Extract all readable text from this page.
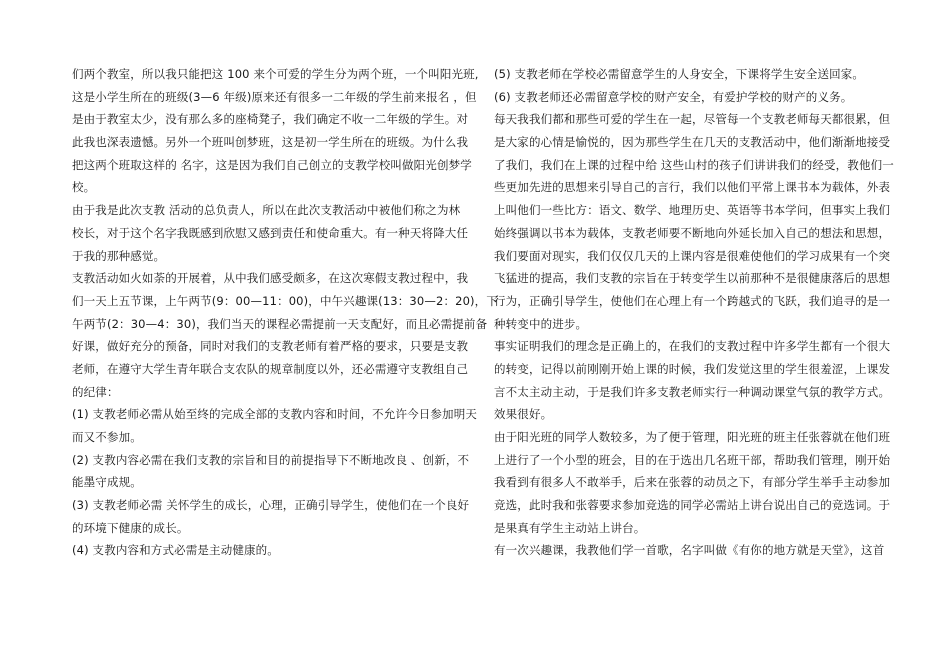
们两个教室，所以我只能把这 100 来个可爱的学生分为两个班，一个叫阳光班,
这是小学生所在的班级(3—6 年级)原来还有很多一二年级的学生前来报名 ，但
是由于教室太少，没有那么多的座椅凳子，我们确定不收一二年级的学生。对
此我也深表遗憾。另外一个班叫创梦班，这是初一学生所在的班级。为什么我
把这两个班取这样的 名字，这是因为我们自己创立的支教学校叫做阳光创梦学
校。
由于我是此次支教 活动的总负责人，所以在此次支教活动中被他们称之为林
校长，对于这个名字我既感到欣慰又感到责任和使命重大。有一种天将降大任
于我的那种感觉。
支教活动如火如荼的开展着，从中我们感受颇多，在这次寒假支教过程中，我
们一天上五节课，上午两节(9：00—11：00)，中午兴趣课(13：30—2：20)，下
午两节(2：30—4：30)，我们当天的课程必需提前一天支配好，而且必需提前备
好课，做好充分的预备，同时对我们的支教老师有着严格的要求，只要是支教
老师，在遵守大学生青年联合支农队的规章制度以外，还必需遵守支教组自己
的纪律：
(1) 支教老师必需从始至终的完成全部的支教内容和时间，不允许今日参加明天
而又不参加。
(2) 支教内容必需在我们支教的宗旨和目的前提指导下不断地改良 、创新，不
能墨守成规。
(3) 支教老师必需 关怀学生的成长，心理，正确引导学生，使他们在一个良好
的环境下健康的成长。
(4) 支教内容和方式必需是主动健康的。
(5) 支教老师在学校必需留意学生的人身安全，下课将学生安全送回家。
(6) 支教老师还必需留意学校的财产安全，有爱护学校的财产的义务。
每天我我们都和那些可爱的学生在一起，尽管每一个支教老师每天都很累，但
是大家的心情是愉悦的，因为那些学生在几天的支教活动中，他们渐渐地接受
了我们，我们在上课的过程中给 这些山村的孩子们讲讲我们的经受，教他们一
些更加先进的思想来引导自己的言行，我们以他们平常上课书本为载体，外表
上叫他们一些比方：语文、数学、地理历史、英语等书本学问，但事实上我们
始终强调以书本为载体，支教老师要不断地向外延长加入自己的想法和思想，
我们要面对现实，我们仅仅几天的上课内容是很难使他们的学习成果有一个突
飞猛进的提高，我们支教的宗旨在于转变学生以前那种不是很健康落后的思想
行为，正确引导学生，使他们在心理上有一个跨越式的飞跃，我们追寻的是一
种转变中的进步。
事实证明我们的理念是正确上的，在我们的支教过程中许多学生都有一个很大
的转变，记得以前刚刚开始上课的时候，我们发觉这里的学生很羞涩，上课发
言不太主动主动，于是我们许多支教老师实行一种调动课堂气氛的教学方式。
效果很好。
由于阳光班的同学人数较多，为了便于管理，阳光班的班主任张蓉就在他们班
上进行了一个小型的班会，目的在于选出几名班干部，帮助我们管理，刚开始
我看到有很多人不敢举手，后来在张蓉的动员之下，有部分学生举手主动参加
竞选，此时我和张蓉要求参加竞选的同学必需站上讲台说出自己的竞选词。于
是果真有学生主动站上讲台。
有一次兴趣课，我教他们学一首歌，名字叫做《有你的地方就是天堂》，这首
